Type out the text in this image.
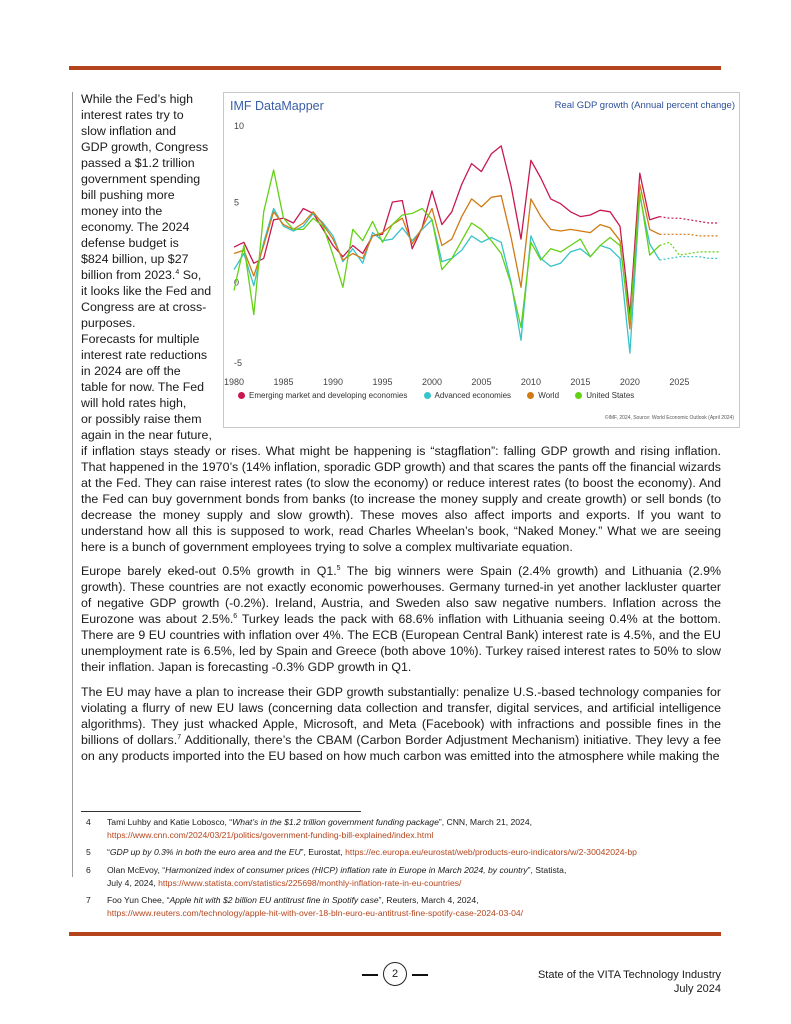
While the Fed’s high
interest rates try to
slow inflation and
GDP growth, Congress
passed a $1.2 trillion
government spending
bill pushing more
money into the
economy. The 2024
defense budget is
$824 billion, up $27
billion from 2023.$^4$ So,
it looks like the Fed and
Congress are at cross-
purposes.
Forecasts for multiple
interest rate reductions
in 2024 are off the
table for now. The Fed
will hold rates high,
or possibly raise them
again in the near future,
IMF DataMapper	Real GDP growth (Annual percent change)
10
5
0
-5
1980	1985	1990	1995	2000	2005	2010	2015	2020	2025
Emerging market and developing economies	Advanced economies	World	United States
©IMF, 2024, Source: World Economic Outlook (April 2024)

if inflation stays steady or rises. What might be happening is “stagflation”: falling GDP growth and rising inflation. That happened in the 1970’s (14% inflation, sporadic GDP growth) and that scares the pants off the financial wizards at the Fed. They can raise interest rates (to slow the economy) or reduce interest rates (to boost the economy). And the Fed can buy government bonds from banks (to increase the money supply and create growth) or sell bonds (to decrease the money supply and slow growth). These moves also affect imports and exports. If you want to understand how all this is supposed to work, read Charles Wheelan’s book, “Naked Money.” What we are seeing here is a bunch of government employees trying to solve a complex multivariate equation.

Europe barely eked-out 0.5% growth in Q1.$^5$ The big winners were Spain (2.4% growth) and Lithuania (2.9% growth). These countries are not exactly economic powerhouses. Germany turned-in yet another lackluster quarter of negative GDP growth (-0.2%). Ireland, Austria, and Sweden also saw negative numbers. Inflation across the Eurozone was about 2.5%.$^6$ Turkey leads the pack with 68.6% inflation with Lithuania seeing 0.4% at the bottom. There are 9 EU countries with inflation over 4%. The ECB (European Central Bank) interest rate is 4.5%, and the EU unemployment rate is 6.5%, led by Spain and Greece (both above 10%). Turkey raised interest rates to 50% to slow their inflation. Japan is forecasting -0.3% GDP growth in Q1.

The EU may have a plan to increase their GDP growth substantially: penalize U.S.-based technology companies for violating a flurry of new EU laws (concerning data collection and transfer, digital services, and artificial intelligence algorithms). They just whacked Apple, Microsoft, and Meta (Facebook) with infractions and possible fines in the billions of dollars.$^7$ Additionally, there’s the CBAM (Carbon Border Adjustment Mechanism) initiative. They levy a fee on any products imported into the EU based on how much carbon was emitted into the atmosphere while making the

4 Tami Luhby and Katie Lobosco, “What’s in the $1.2 trillion government funding package”, CNN, March 21, 2024,
https://www.cnn.com/2024/03/21/politics/government-funding-bill-explained/index.html
5 “GDP up by 0.3% in both the euro area and the EU”, Eurostat, https://ec.europa.eu/eurostat/web/products-euro-indicators/w/2-30042024-bp
6 Olan McEvoy, “Harmonized index of consumer prices (HICP) inflation rate in Europe in March 2024, by country”, Statista,
July 4, 2024, https://www.statista.com/statistics/225698/monthly-inflation-rate-in-eu-countries/
7 Foo Yun Chee, “Apple hit with $2 billion EU antitrust fine in Spotify case”, Reuters, March 4, 2024,
https://www.reuters.com/technology/apple-hit-with-over-18-bln-euro-eu-antitrust-fine-spotify-case-2024-03-04/
2	State of the VITA Technology Industry
July 2024
